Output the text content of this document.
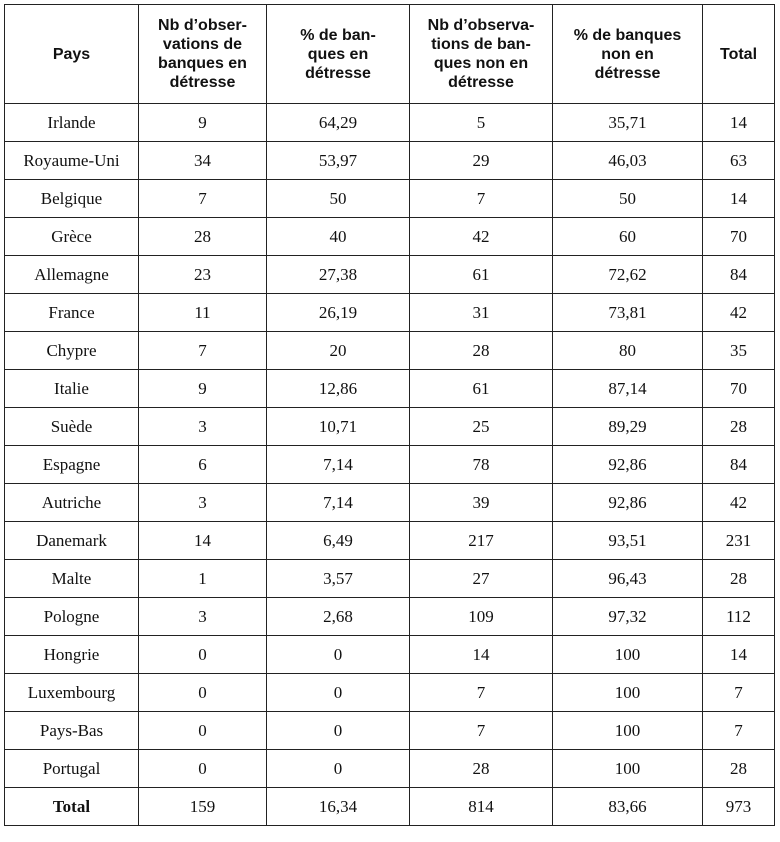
Pays	Nb d’obser-
vations de
banques en
détresse	% de ban-
ques en
détresse	Nb d’observa-
tions de ban-
ques non en
détresse	% de banques
non en
détresse	Total
Irlande	9	64,29	5	35,71	14
Royaume-Uni	34	53,97	29	46,03	63
Belgique	7	50	7	50	14
Grèce	28	40	42	60	70
Allemagne	23	27,38	61	72,62	84
France	11	26,19	31	73,81	42
Chypre	7	20	28	80	35
Italie	9	12,86	61	87,14	70
Suède	3	10,71	25	89,29	28
Espagne	6	7,14	78	92,86	84
Autriche	3	7,14	39	92,86	42
Danemark	14	6,49	217	93,51	231
Malte	1	3,57	27	96,43	28
Pologne	3	2,68	109	97,32	112
Hongrie	0	0	14	100	14
Luxembourg	0	0	7	100	7
Pays-Bas	0	0	7	100	7
Portugal	0	0	28	100	28
Total	159	16,34	814	83,66	973
